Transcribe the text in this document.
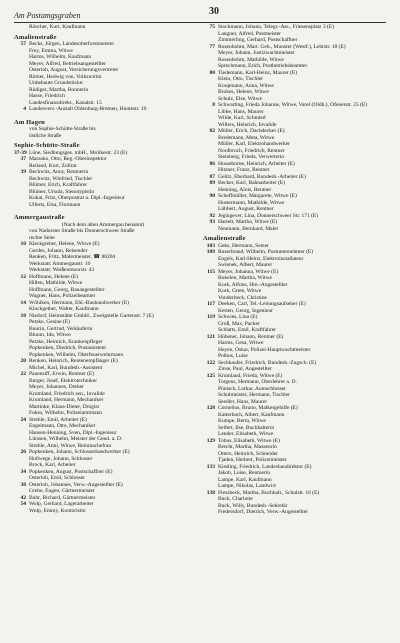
Am Postamgsgraben	30
Röscher, Kurt, Kaufmann
Amalienstraße
57 Becks, Jürgen, Landesoberforstmeister
Frey, Emma, Witwe
Harms, Wilhelm, Kaufmann
Meyer, Alfred, Betriebsangestellter
Osterloh, August, Versicherungsvertreter
Römer, Hedwig von, Volkswirtin
Unbebaute Grundstücke:
Rüdiger, Martha, Bonnerin
Hasse, Friedrich
Landesfinanzdirekt., Kanalstr. 15
4 Landesvers.-Anstalt Oldenburg-Bremen, Huntestr. 10
Am Hagen
von Sophie-Schütte-Straße bis
östliche Straße
Sophie-Schütte-Straße
37-39 Lüne, Siedlungsges. mbH., Molikestr. 23 (E)
37 Marasko, Otto, Reg.-Oberinspektor
Reiland, Kurt, Zollrat
39 Bechwitz, Anny, Rentnerin
Bechwitz, Winfried, Tischler
Blümer, Erich, Kraftfahrer
Blümer, Ursula, Stenotypistin
Kukat, Fritz, Oberpostrat u. Dipl.-Ingenieur
Ulferts, Elsa, Flormann
Ammergaustraße
(Nach dem alten Ammergau benannt)
von Nadorster Straße bis Donnerschweer Straße
rechte Seite
10 Kleckgreber, Helene, Witwe (E)
Gerdes, Johann, Reisender
Renken, Fritz, Malermeister, ☎ 80204
Werkstatt: Ammergaustr. 10
Werkstatt: Weißenmoorstr. 43
12 Hoffmann, Helene (E)
Hillen, Mathilde, Witwe
Hoffmann, Georg, Bauangestellter
Wagner, Hans, Polizeibeamter
14 Wöhlken, Hermann, Ehl.-Bauhandwerker (E)
Klockgether, Walter, Kaufmann
18 Niedorf, Heimstätte GmbH., Zweigstelle Gartenstr. 7 (E)
Petzke, Gesine (E)
Buurin, Gertrud, Verkäuferin
Bluum, Ida, Witwe
Petzke, Heinrich, Krankenpfleger
Popkenken, Diedrich, Postassistent
Popkenken, Wilhelm, Oberfeuerwehrmann
20 Renken, Heinrich, Rentenempfänger (E)
Michel, Karl, Bundesb.-Assistent
22 Pauensiff, Erwin, Rentner (E)
Burger, Josef, Elektrotechniker
Meyer, Johannes, Dreher
Krumland, Friedrich sen., Invalide
Krumland, Hermann, Mechaniker
Martinke, Klaus-Dieter, Drogist
Fokes, Wilhelm, Polizeiamtmann
24 Strehle, Emil, Arbeiter (E)
Engelmann, Otto, Mechaniker
Hansen-Henning, Sven, Dipl.-Ingenieur
Lürssen, Wilhelm, Meister der Gend. a. D.
Strehle, Anni, Witwe, Reinmachefrau
26 Popkenken, Johann, Schlosserhandwerker (E)
Hollwege, Johann, Schlosser
Brock, Karl, Arbeiter
34 Popkenken, August, Postschaffner (E)
Osterloh, Emil, Schlosser
38 Osterloh, Johannes, Verw.-Angestellter (E)
Grebe, Eugen, Gärtnermeister
42 Buhr, Richard, Gärtnermeister
54 Wolp, Gerhard, Lagerarbeiter
Wolp, Emmy, Kontoristin
75 Stockmann, Johann, Telegr.-Ass., Friesensplatz 3 (E)
Langner, Alfred, Postmeister
Zimmerling, Gerhard, Postschaffner
77 Rosenbohm, Marr. Geb., Munster (Westf.), Lehrstr. 18 (E)
Meyer, Johann, Justizwachtmeister
Rosenbohm, Mathilde, Witwe
Sprechmann, Erich, Postbetriebsbeamter
80 Tiedemann, Karl-Heinz, Maurer (E)
Klein, Otto, Tischler
Koopmann, Anna, Witwe
Brokes, Helene, Witwe
Schulz, Else, Witwe
8 Schwarting, Frieda Johanne, Witwe, Varel (Oldb.), Ofenerstr. 25 (E)
Libbe, Hans, Maurer
Wilde, Karl, Schmied
Willers, Heinrich, Invalide
82 Müller, Erich, Dachdecker (E)
Bredemann, Meta, Witwe
Müller, Karl, Elektrohandwerker
Nordbruch, Friedrich, Rentner
Steinberg, Frieda, Verwerterin
86 Husseborne, Heinrich, Arbeiter (E)
Hitzner, Franz, Rentner
87 Gelitz, Eberhard, Bundesb.-Arbeiter (E)
89 Becker, Karl, Bahnarbeiter (E)
Henning, Alois, Rentner
90 Scheffmüller, Margarete, Witwe (E)
Hustermann, Mathilde, Witwe
Lübbert, August, Rentner
92 Jegingever, Lina, Donnerschweer Str. 171 (E)
93 Hartelt, Martha, Witwe (E)
Neumann, Bernhard, Maler
Amalienstraße
103 Geks, Hermann, Setzer
109 Ruserbrand, Wilhelm, Postunternehmer (E)
Engels, Karl-Heinz, Elektroinstallateur
Swienek, Albert, Maurer
115 Meyer, Johanna, Witwe (E)
Bokelen, Martha, Witwe
Kork, Alfons, Hm.-Angestellter
Kork, Grete, Witwe
Vonderbeck, Christine
117 Deeken, Carl, Tel.-Leitungsaufseher (E)
Kerten, Georg, Ingenieur
119 Schwies, Lina (E)
Groß, Max, Packer
Schlatts, Emil, Kraftfahrer
121 Hübener, Johann, Rentner (E)
Harms, Gesa, Witwe
Heyen, Oskar, Polizei-Hauptwachtmeister
Polhus, Luise
122 Sechhaufer, Friedrich, Bundesb.-Zugsch. (E)
Zinse, Paul, Angestellter
125 Krumland, Frieda, Witwe (E)
Torgens, Hermann, Oberlehrer a. D.
Pönisch, Lothar, Autoschlosser
Schulmeister, Hermann, Tischler
Seedler, Hans, Maurer
128 Cornelius, Bruno, Malkergehilfe (E)
Katterbach, Albert, Kaufmann
Kumpe, Berta, Witwe
Seifert, Ilse, Buchhalterin
Lender, Elisabeth, Witwe
129 Tobus, Elisabeth, Witwe (E)
Brecht, Martha, Masseurin
Otters, Heinrich, Schneider
Tjaden, Herbert, Polizeimeister
133 Kiesling, Friedrich, Landesbaudirektor (E)
Jakob, Luise, Rentnerin
Lampe, Karl, Kaufmann
Lampe, Nikolas, Landwirt
138 Fleszbeck, Martha, Buchhalt., Schulstr. 16 (E)
Buck, Charlotte
Buck, Willy, Bundesb.-Sekretär
Fredersdorf, Dietrich, Verw.-Angestellter
